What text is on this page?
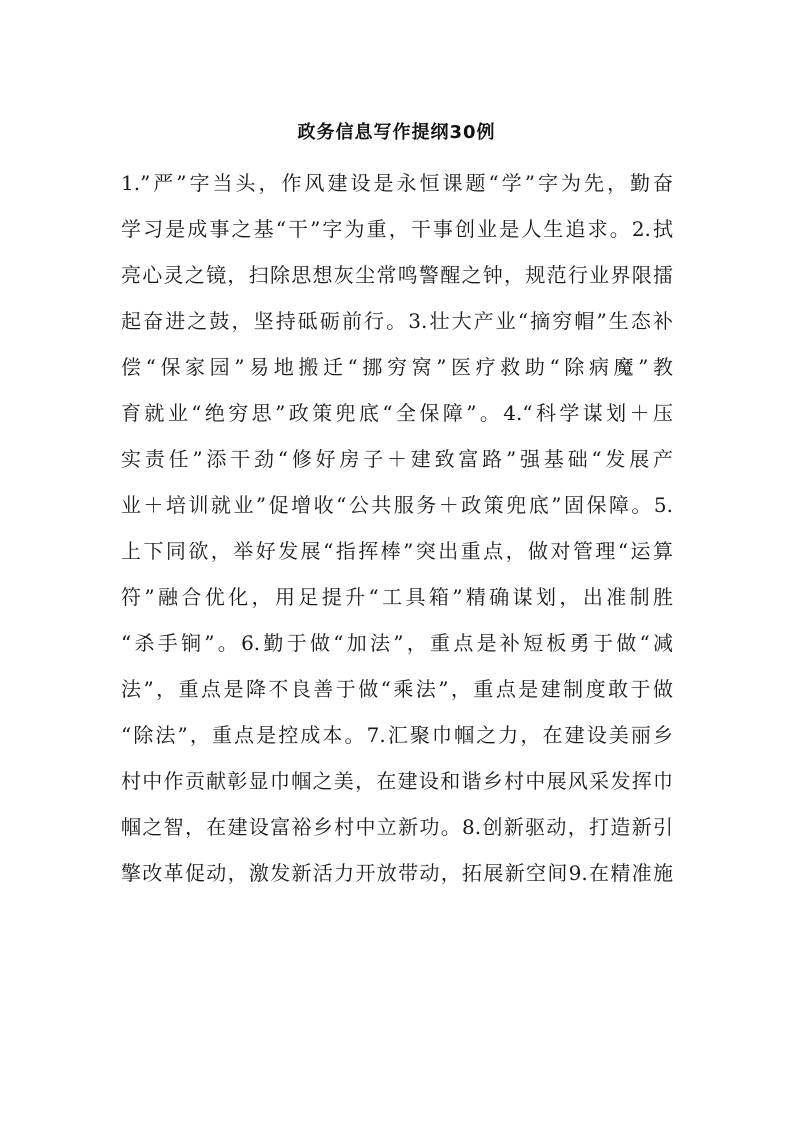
政务信息写作提纲30例
1.”严”字当头，作风建设是永恒课题“学”字为先，勤奋
学习是成事之基“干”字为重，干事创业是人生追求。2.拭
亮心灵之镜，扫除思想灰尘常鸣警醒之钟，规范行业界限擂
起奋进之鼓，坚持砥砺前行。3.壮大产业“摘穷帽”生态补
偿“保家园”易地搬迁“挪穷窝”医疗救助“除病魔”教
育就业“绝穷思”政策兜底“全保障”。4.“科学谋划＋压
实责任”添干劲“修好房子＋建致富路”强基础“发展产
业＋培训就业”促增收“公共服务＋政策兜底”固保障。5.
上下同欲，举好发展“指挥棒”突出重点，做对管理“运算
符”融合优化，用足提升“工具箱”精确谋划，出准制胜
“杀手锏”。6.勤于做“加法”，重点是补短板勇于做“减
法”，重点是降不良善于做“乘法”，重点是建制度敢于做
“除法”，重点是控成本。7.汇聚巾帼之力，在建设美丽乡
村中作贡献彰显巾帼之美，在建设和谐乡村中展风采发挥巾
帼之智，在建设富裕乡村中立新功。8.创新驱动，打造新引
擎改革促动，激发新活力开放带动，拓展新空间9.在精准施
